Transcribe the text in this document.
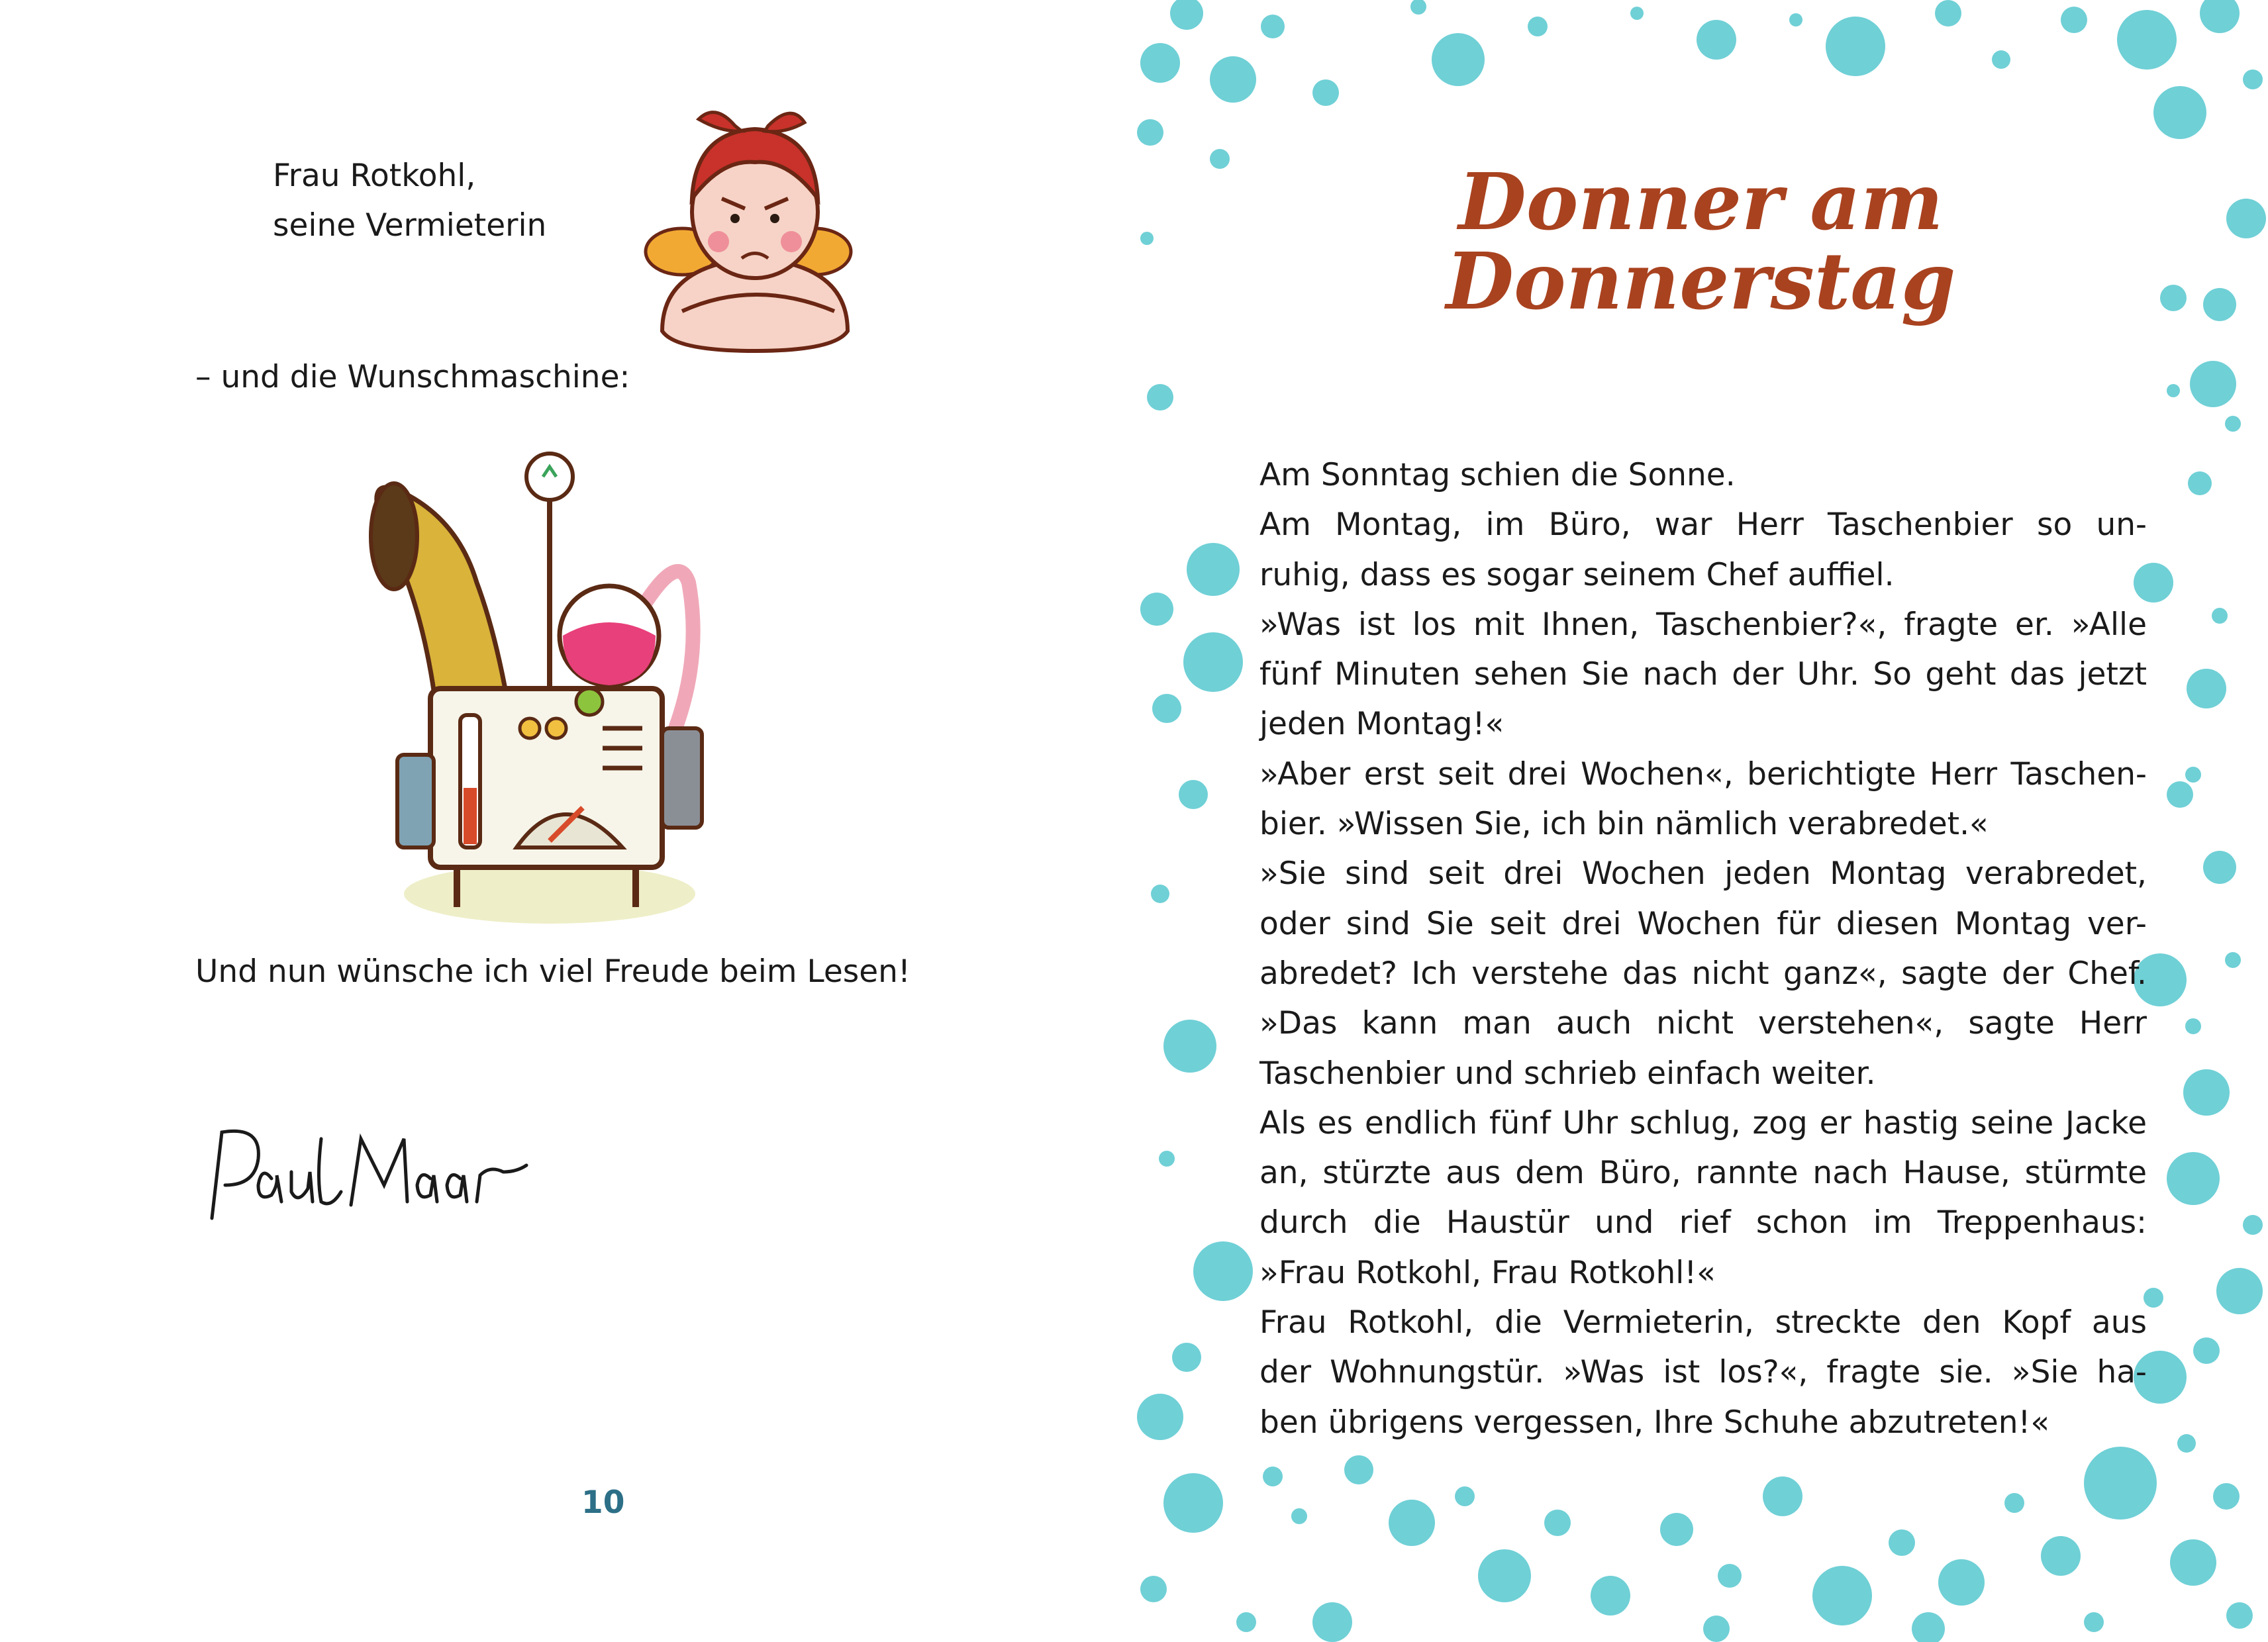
Frau Rotkohl,
seine Vermieterin
– und die Wunschmaschine:
Und nun wünsche ich viel Freude beim Lesen!
10
Donner am
Donnerstag

Am Sonntag schien die Sonne.

Am Montag, im Büro, war Herr Taschenbier so un-

ruhig, dass es sogar seinem Chef auffiel.

»Was ist los mit Ihnen, Taschenbier?«, fragte er. »Alle

fünf Minuten sehen Sie nach der Uhr. So geht das jetzt

jeden Montag!«

»Aber erst seit drei Wochen«, berichtigte Herr Taschen-

bier. »Wissen Sie, ich bin nämlich verabredet.«

»Sie sind seit drei Wochen jeden Montag verabredet,

oder sind Sie seit drei Wochen für diesen Montag ver-

abredet? Ich verstehe das nicht ganz«, sagte der Chef.

»Das kann man auch nicht verstehen«, sagte Herr

Taschenbier und schrieb einfach weiter.

Als es endlich fünf Uhr schlug, zog er hastig seine Jacke

an, stürzte aus dem Büro, rannte nach Hause, stürmte

durch die Haustür und rief schon im Treppenhaus:

»Frau Rotkohl, Frau Rotkohl!«

Frau Rotkohl, die Vermieterin, streckte den Kopf aus

der Wohnungstür. »Was ist los?«, fragte sie. »Sie ha-

ben übrigens vergessen, Ihre Schuhe abzutreten!«
